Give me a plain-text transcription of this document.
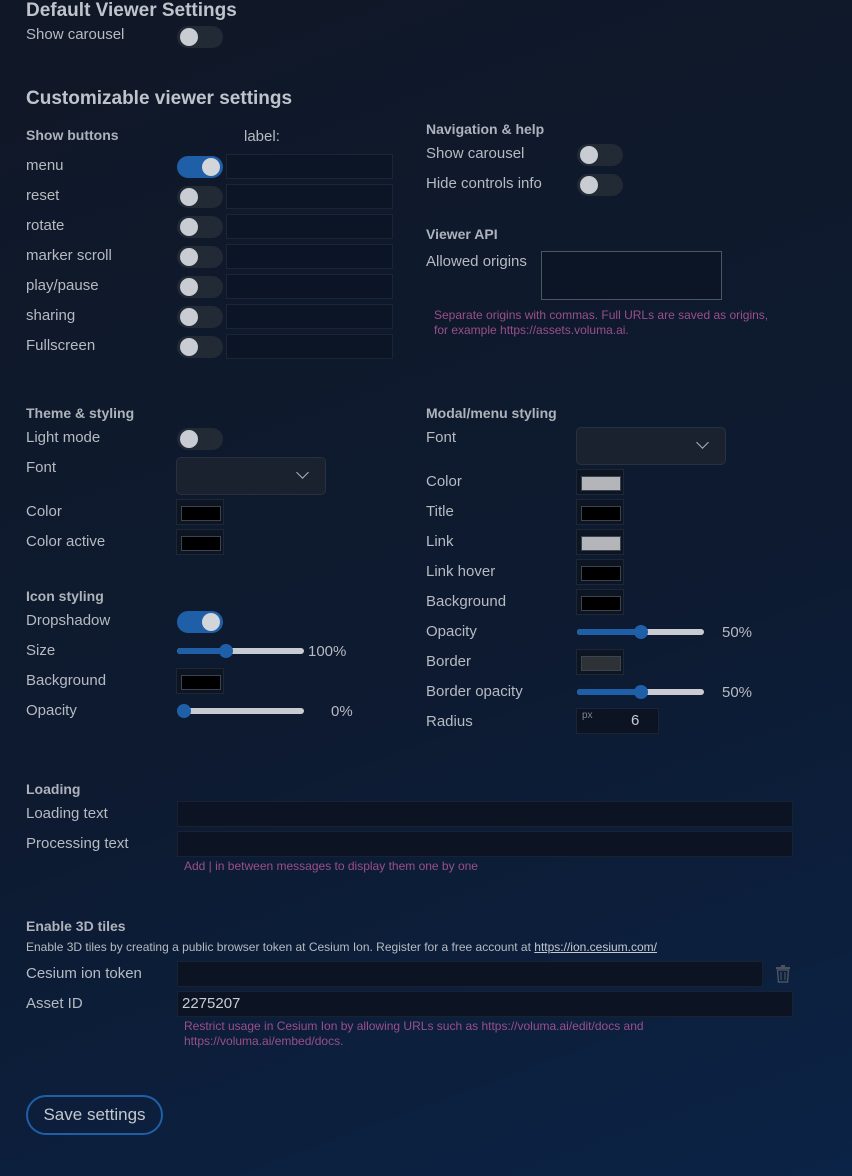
Default Viewer Settings
Show carousel
Customizable viewer settings
Show buttons	label:
menu
reset
rotate
marker scroll
play/pause
sharing
Fullscreen
Navigation & help
Show carousel
Hide controls info
Viewer API
Allowed origins
Separate origins with commas. Full URLs are saved as origins, for example https://assets.voluma.ai.
Theme & styling
Light mode
Font
Color
Color active
Icon styling
Dropshadow
Size	100%
Background
Opacity	0%
Modal/menu styling
Font
Color
Title
Link
Link hover
Background
Opacity	50%
Border
Border opacity	50%
Radius	px	6
Loading
Loading text
Processing text
Add | in between messages to display them one by one
Enable 3D tiles
Enable 3D tiles by creating a public browser token at Cesium Ion. Register for a free account at https://ion.cesium.com/
Cesium ion token
Asset ID	2275207
Restrict usage in Cesium Ion by allowing URLs such as https://voluma.ai/edit/docs and
https://voluma.ai/embed/docs.
Save settings
